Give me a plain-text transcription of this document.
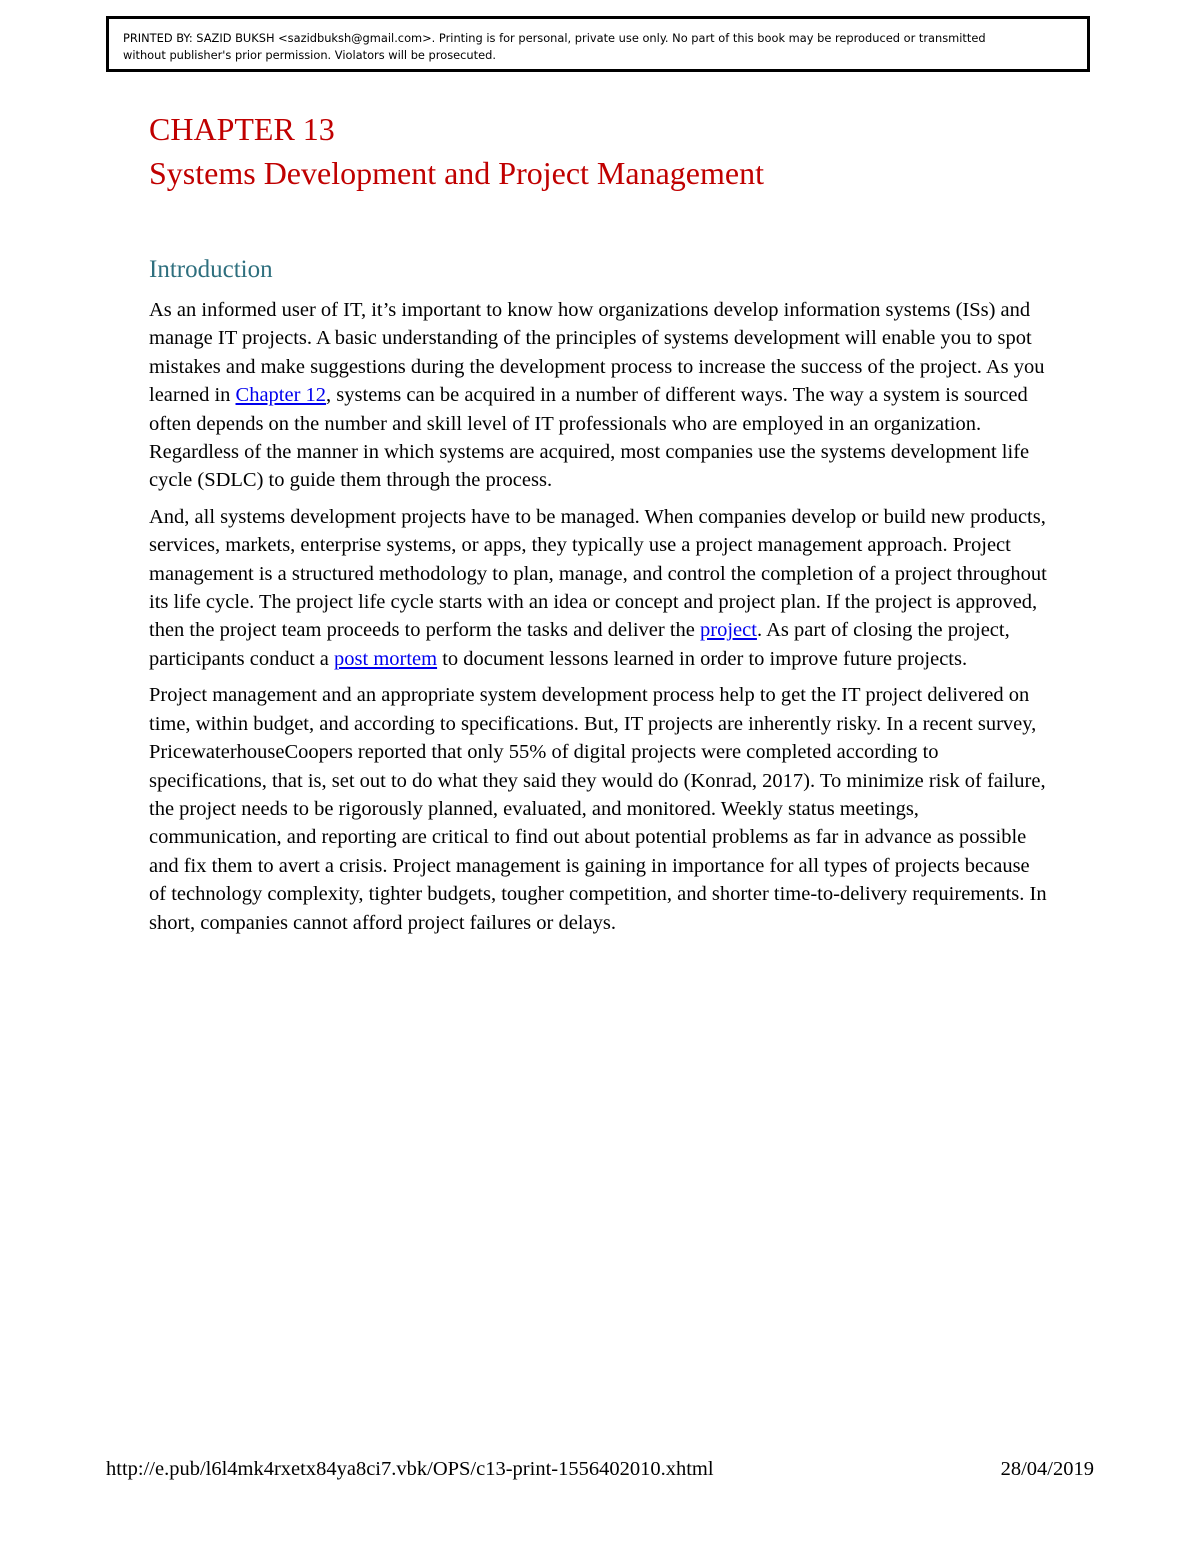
PRINTED BY: SAZID BUKSH <sazidbuksh@gmail.com>. Printing is for personal, private use only. No part of this book may be reproduced or transmitted
without publisher's prior permission. Violators will be prosecuted.
CHAPTER 13
Systems Development and Project Management
Introduction

As an informed user of IT, it’s important to know how organizations develop information systems (ISs) and manage IT projects. A basic understanding of the principles of systems development will enable you to spot mistakes and make suggestions during the development process to increase the success of the project. As you learned in Chapter 12, systems can be acquired in a number of different ways. The way a system is sourced often depends on the number and skill level of IT professionals who are employed in an organization. Regardless of the manner in which systems are acquired, most companies use the systems development life cycle (SDLC) to guide them through the process.

And, all systems development projects have to be managed. When companies develop or build new products, services, markets, enterprise systems, or apps, they typically use a project management approach. Project management is a structured methodology to plan, manage, and control the completion of a project throughout its life cycle. The project life cycle starts with an idea or concept and project plan. If the project is approved, then the project team proceeds to perform the tasks and deliver the project. As part of closing the project, participants conduct a post mortem to document lessons learned in order to improve future projects.

Project management and an appropriate system development process help to get the IT project delivered on time, within budget, and according to specifications. But, IT projects are inherently risky. In a recent survey, PricewaterhouseCoopers reported that only 55% of digital projects were completed according to specifications, that is, set out to do what they said they would do (Konrad, 2017). To minimize risk of failure, the project needs to be rigorously planned, evaluated, and monitored. Weekly status meetings, communication, and reporting are critical to find out about potential problems as far in advance as possible and fix them to avert a crisis. Project management is gaining in importance for all types of projects because of technology complexity, tighter budgets, tougher competition, and shorter time-to-delivery requirements. In short, companies cannot afford project failures or delays.

http://e.pub/l6l4mk4rxetx84ya8ci7.vbk/OPS/c13-print-1556402010.xhtml	28/04/2019
